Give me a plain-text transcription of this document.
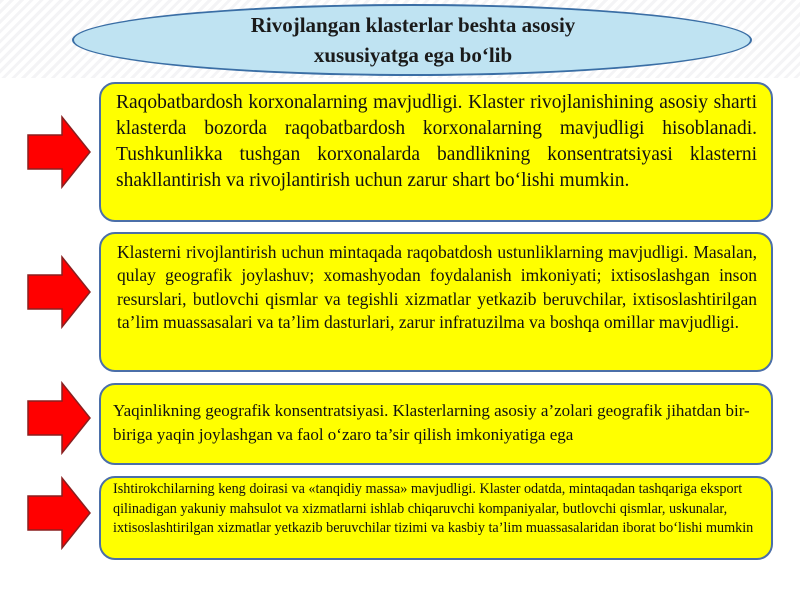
Rivojlangan klasterlar beshta asosiy
xususiyatga ega bo‘lib

Raqobatbardosh korxonalarning mavjudligi. Klaster rivojlanishining asosiy sharti klasterda bozorda raqobatbardosh korxonalarning mavjudligi hisoblanadi. Tushkunlikka tushgan korxonalarda bandlikning konsentratsiyasi klasterni shakllantirish va rivojlantirish uchun zarur shart bo‘lishi mumkin.

Klasterni rivojlantirish uchun mintaqada raqobatdosh ustunliklarning mavjudligi. Masalan, qulay geografik joylashuv; xomashyodan foydalanish imkoniyati; ixtisoslashgan inson resurslari, butlovchi qismlar va tegishli xizmatlar yetkazib beruvchilar, ixtisoslashtirilgan ta’lim muassasalari va ta’lim dasturlari, zarur infratuzilma va boshqa omillar mavjudligi.

Yaqinlikning geografik konsentratsiyasi. Klasterlarning asosiy a’zolari geografik jihatdan bir-biriga yaqin joylashgan va faol o‘zaro ta’sir qilish imkoniyatiga ega

Ishtirokchilarning keng doirasi va «tanqidiy massa» mavjudligi. Klaster odatda, mintaqadan tashqariga eksport qilinadigan yakuniy mahsulot va xizmatlarni ishlab chiqaruvchi kompaniyalar, butlovchi qismlar, uskunalar, ixtisoslashtirilgan xizmatlar yetkazib beruvchilar tizimi va kasbiy ta’lim muassasalaridan iborat bo‘lishi mumkin
